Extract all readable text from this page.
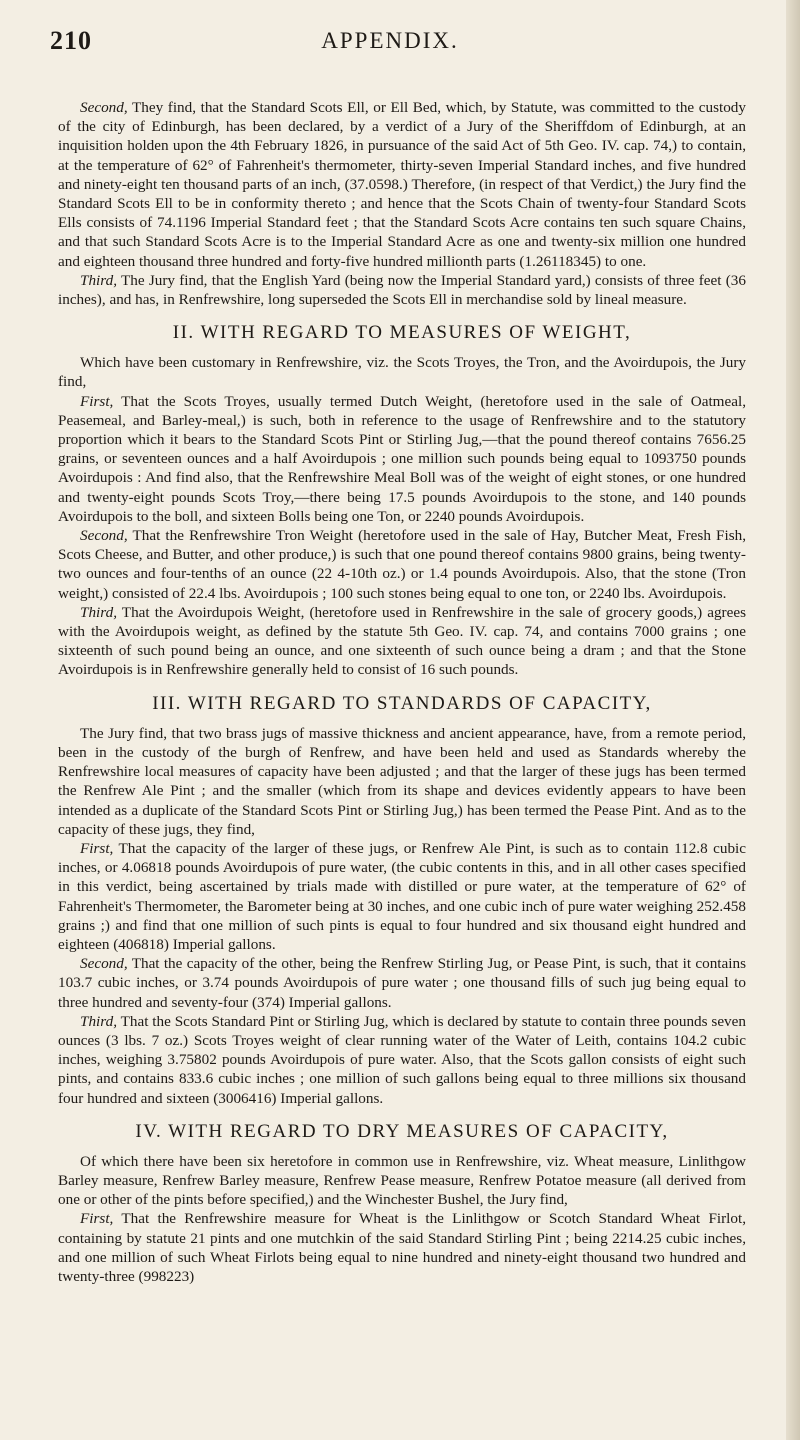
210	APPENDIX.

Second, They find, that the Standard Scots Ell, or Ell Bed, which, by Statute, was committed to the custody of the city of Edinburgh, has been declared, by a verdict of a Jury of the Sheriffdom of Edinburgh, at an inquisition holden upon the 4th February 1826, in pursuance of the said Act of 5th Geo. IV. cap. 74,) to contain, at the temperature of 62° of Fahrenheit's thermometer, thirty-seven Imperial Standard inches, and five hundred and ninety-eight ten thousand parts of an inch, (37.0598.) Therefore, (in respect of that Verdict,) the Jury find the Standard Scots Ell to be in conformity thereto ; and hence that the Scots Chain of twenty-four Standard Scots Ells consists of 74.1196 Imperial Standard feet ; that the Standard Scots Acre contains ten such square Chains, and that such Standard Scots Acre is to the Imperial Standard Acre as one and twenty-six million one hundred and eighteen thousand three hundred and forty-five hundred millionth parts (1.26118345) to one.

Third, The Jury find, that the English Yard (being now the Imperial Standard yard,) consists of three feet (36 inches), and has, in Renfrewshire, long superseded the Scots Ell in merchandise sold by lineal measure.

II. WITH REGARD TO MEASURES OF WEIGHT,

Which have been customary in Renfrewshire, viz. the Scots Troyes, the Tron, and the Avoirdupois, the Jury find,

First, That the Scots Troyes, usually termed Dutch Weight, (heretofore used in the sale of Oatmeal, Peasemeal, and Barley-meal,) is such, both in reference to the usage of Renfrewshire and to the statutory proportion which it bears to the Standard Scots Pint or Stirling Jug,—that the pound thereof contains 7656.25 grains, or seventeen ounces and a half Avoirdupois ; one million such pounds being equal to 1093750 pounds Avoirdupois : And find also, that the Renfrewshire Meal Boll was of the weight of eight stones, or one hundred and twenty-eight pounds Scots Troy,—there being 17.5 pounds Avoirdupois to the stone, and 140 pounds Avoirdupois to the boll, and sixteen Bolls being one Ton, or 2240 pounds Avoirdupois.

Second, That the Renfrewshire Tron Weight (heretofore used in the sale of Hay, Butcher Meat, Fresh Fish, Scots Cheese, and Butter, and other produce,) is such that one pound thereof contains 9800 grains, being twenty-two ounces and four-tenths of an ounce (22 4-10th oz.) or 1.4 pounds Avoirdupois. Also, that the stone (Tron weight,) consisted of 22.4 lbs. Avoirdupois ; 100 such stones being equal to one ton, or 2240 lbs. Avoirdupois.

Third, That the Avoirdupois Weight, (heretofore used in Renfrewshire in the sale of grocery goods,) agrees with the Avoirdupois weight, as defined by the statute 5th Geo. IV. cap. 74, and contains 7000 grains ; one sixteenth of such pound being an ounce, and one sixteenth of such ounce being a dram ; and that the Stone Avoirdupois is in Renfrewshire generally held to consist of 16 such pounds.

III. WITH REGARD TO STANDARDS OF CAPACITY,

The Jury find, that two brass jugs of massive thickness and ancient appearance, have, from a remote period, been in the custody of the burgh of Renfrew, and have been held and used as Standards whereby the Renfrewshire local measures of capacity have been adjusted ; and that the larger of these jugs has been termed the Renfrew Ale Pint ; and the smaller (which from its shape and devices evidently appears to have been intended as a duplicate of the Standard Scots Pint or Stirling Jug,) has been termed the Pease Pint. And as to the capacity of these jugs, they find,

First, That the capacity of the larger of these jugs, or Renfrew Ale Pint, is such as to contain 112.8 cubic inches, or 4.06818 pounds Avoirdupois of pure water, (the cubic contents in this, and in all other cases specified in this verdict, being ascertained by trials made with distilled or pure water, at the temperature of 62° of Fahrenheit's Thermometer, the Barometer being at 30 inches, and one cubic inch of pure water weighing 252.458 grains ;) and find that one million of such pints is equal to four hundred and six thousand eight hundred and eighteen (406818) Imperial gallons.

Second, That the capacity of the other, being the Renfrew Stirling Jug, or Pease Pint, is such, that it contains 103.7 cubic inches, or 3.74 pounds Avoirdupois of pure water ; one thousand fills of such jug being equal to three hundred and seventy-four (374) Imperial gallons.

Third, That the Scots Standard Pint or Stirling Jug, which is declared by statute to contain three pounds seven ounces (3 lbs. 7 oz.) Scots Troyes weight of clear running water of the Water of Leith, contains 104.2 cubic inches, weighing 3.75802 pounds Avoirdupois of pure water. Also, that the Scots gallon consists of eight such pints, and contains 833.6 cubic inches ; one million of such gallons being equal to three millions six thousand four hundred and sixteen (3006416) Imperial gallons.

IV. WITH REGARD TO DRY MEASURES OF CAPACITY,

Of which there have been six heretofore in common use in Renfrewshire, viz. Wheat measure, Linlithgow Barley measure, Renfrew Barley measure, Renfrew Pease measure, Renfrew Potatoe measure (all derived from one or other of the pints before specified,) and the Winchester Bushel, the Jury find,

First, That the Renfrewshire measure for Wheat is the Linlithgow or Scotch Standard Wheat Firlot, containing by statute 21 pints and one mutchkin of the said Standard Stirling Pint ; being 2214.25 cubic inches, and one million of such Wheat Firlots being equal to nine hundred and ninety-eight thousand two hundred and twenty-three (998223)
